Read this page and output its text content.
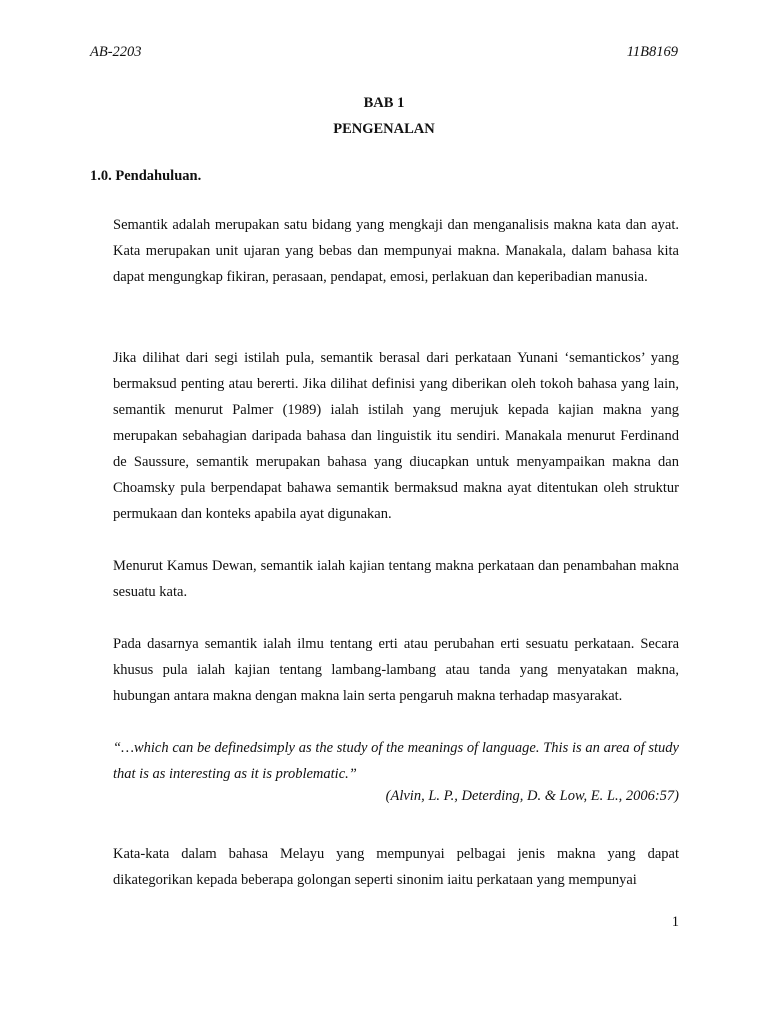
AB-2203	11B8169
BAB 1
PENGENALAN
1.0. Pendahuluan.
Semantik adalah merupakan satu bidang yang mengkaji dan menganalisis makna kata dan ayat. Kata merupakan unit ujaran yang bebas dan mempunyai makna. Manakala, dalam bahasa kita dapat mengungkap fikiran, perasaan, pendapat, emosi, perlakuan dan keperibadian manusia.
Jika dilihat dari segi istilah pula, semantik berasal dari perkataan Yunani ‘semantickos’ yang bermaksud penting atau bererti. Jika dilihat definisi yang diberikan oleh tokoh bahasa yang lain, semantik menurut Palmer (1989) ialah istilah yang merujuk kepada kajian makna yang merupakan sebahagian daripada bahasa dan linguistik itu sendiri. Manakala menurut Ferdinand de Saussure, semantik merupakan bahasa yang diucapkan untuk menyampaikan makna dan Choamsky pula berpendapat bahawa semantik bermaksud makna ayat ditentukan oleh struktur permukaan dan konteks apabila ayat digunakan.
Menurut Kamus Dewan, semantik ialah kajian tentang makna perkataan dan penambahan makna sesuatu kata.
Pada dasarnya semantik ialah ilmu tentang erti atau perubahan erti sesuatu perkataan. Secara khusus pula ialah kajian tentang lambang-lambang atau tanda yang menyatakan makna, hubungan antara makna dengan makna lain serta pengaruh makna terhadap masyarakat.
“…which can be definedsimply as the study of the meanings of language. This is an area of study that is as interesting as it is problematic.”
(Alvin, L. P., Deterding, D. & Low, E. L., 2006:57)
Kata-kata dalam bahasa Melayu yang mempunyai pelbagai jenis makna yang dapat dikategorikan kepada beberapa golongan seperti sinonim iaitu perkataan yang mempunyai
1
